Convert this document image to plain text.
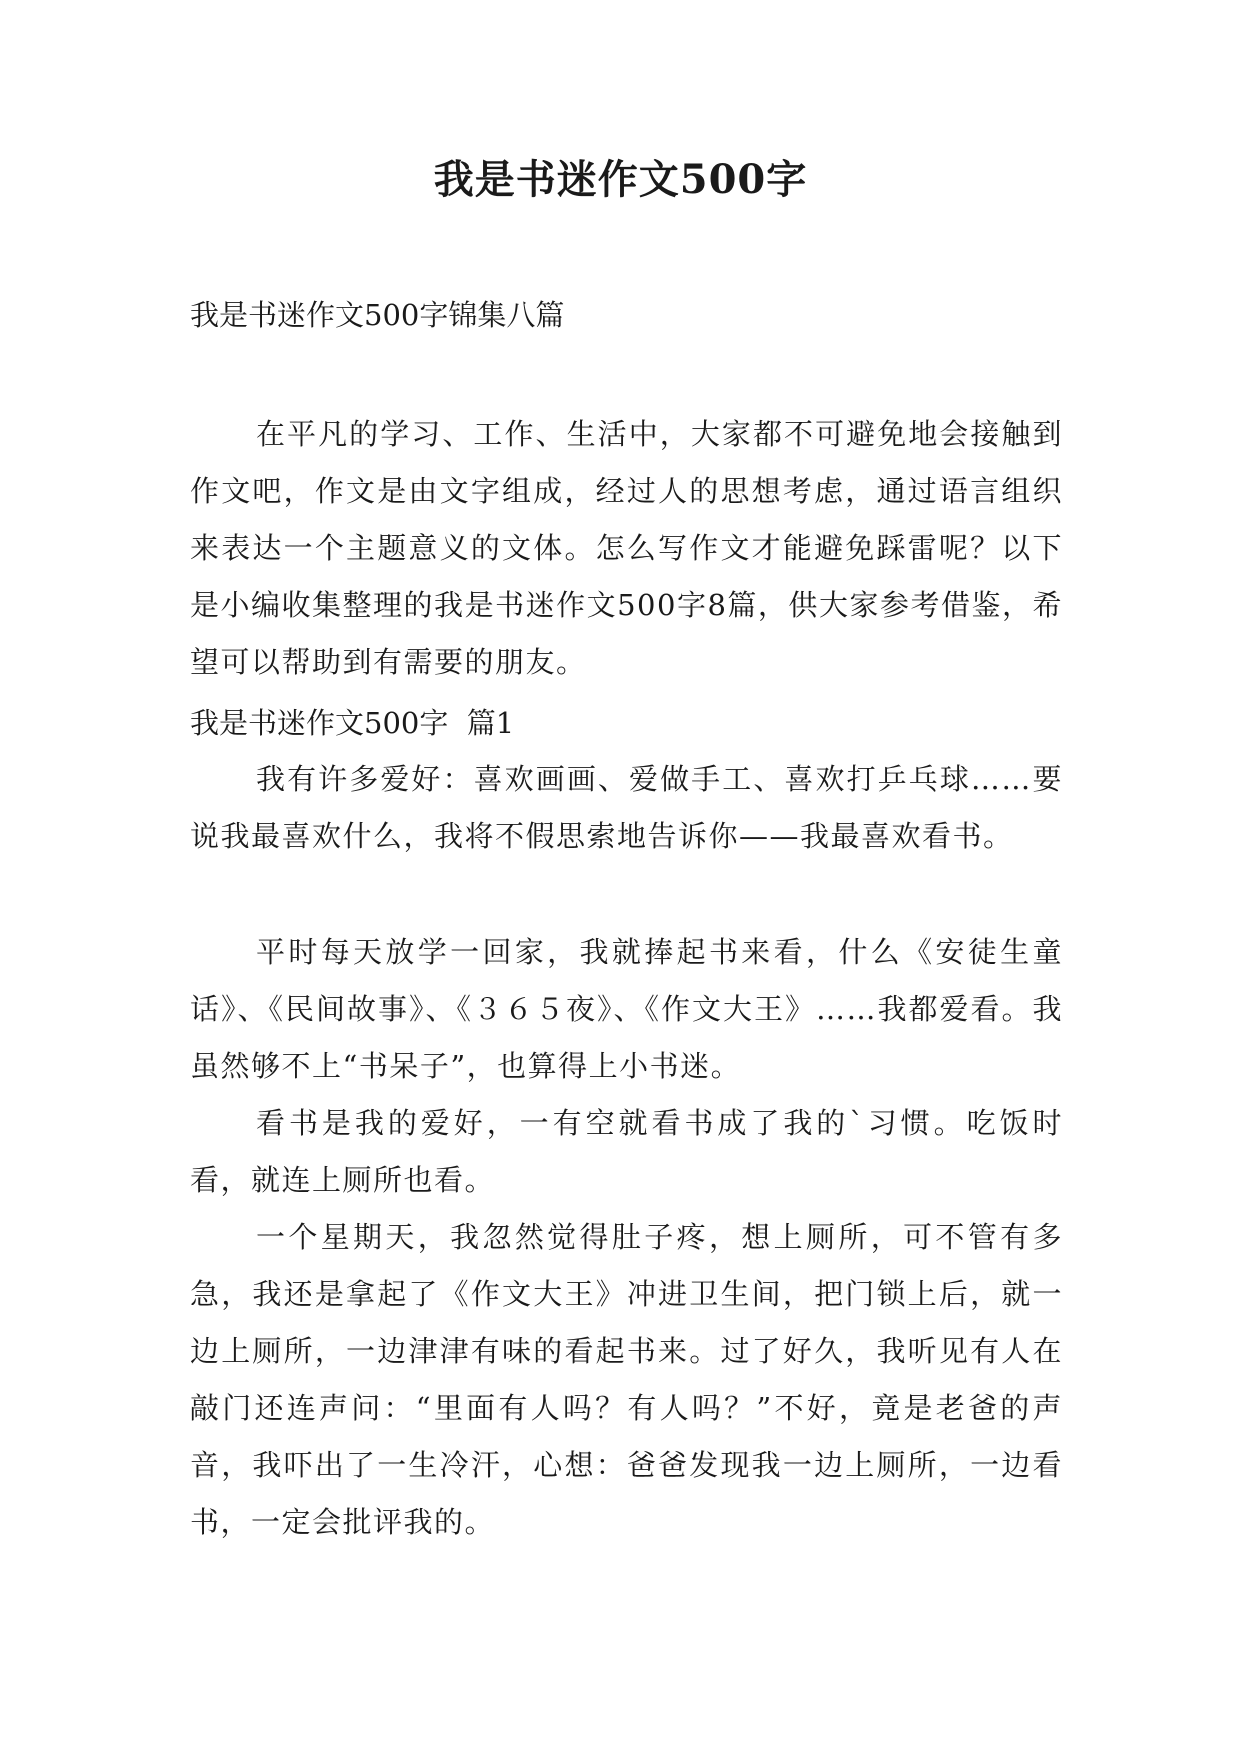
我是书迷作文500字

我是书迷作文500字锦集八篇

在平凡的学习、工作、生活中，大家都不可避免地会接触到作文吧，作文是由文字组成，经过人的思想考虑，通过语言组织来表达一个主题意义的文体。怎么写作文才能避免踩雷呢？以下是小编收集整理的我是书迷作文500字8篇，供大家参考借鉴，希望可以帮助到有需要的朋友。

我是书迷作文500字  篇1

我有许多爱好：喜欢画画、爱做手工、喜欢打乒乓球……要说我最喜欢什么，我将不假思索地告诉你——我最喜欢看书。

平时每天放学一回家，我就捧起书来看，什么《安徒生童话》、《民间故事》、《３６５夜》、《作文大王》……我都爱看。我虽然够不上“书呆子”，也算得上小书迷。

看书是我的爱好，一有空就看书成了我的`习惯。吃饭时看，就连上厕所也看。

一个星期天，我忽然觉得肚子疼，想上厕所，可不管有多急，我还是拿起了《作文大王》冲进卫生间，把门锁上后，就一边上厕所，一边津津有味的看起书来。过了好久，我听见有人在敲门还连声问：“里面有人吗？有人吗？”不好，竟是老爸的声音，我吓出了一生冷汗，心想：爸爸发现我一边上厕所，一边看书，一定会批评我的。
